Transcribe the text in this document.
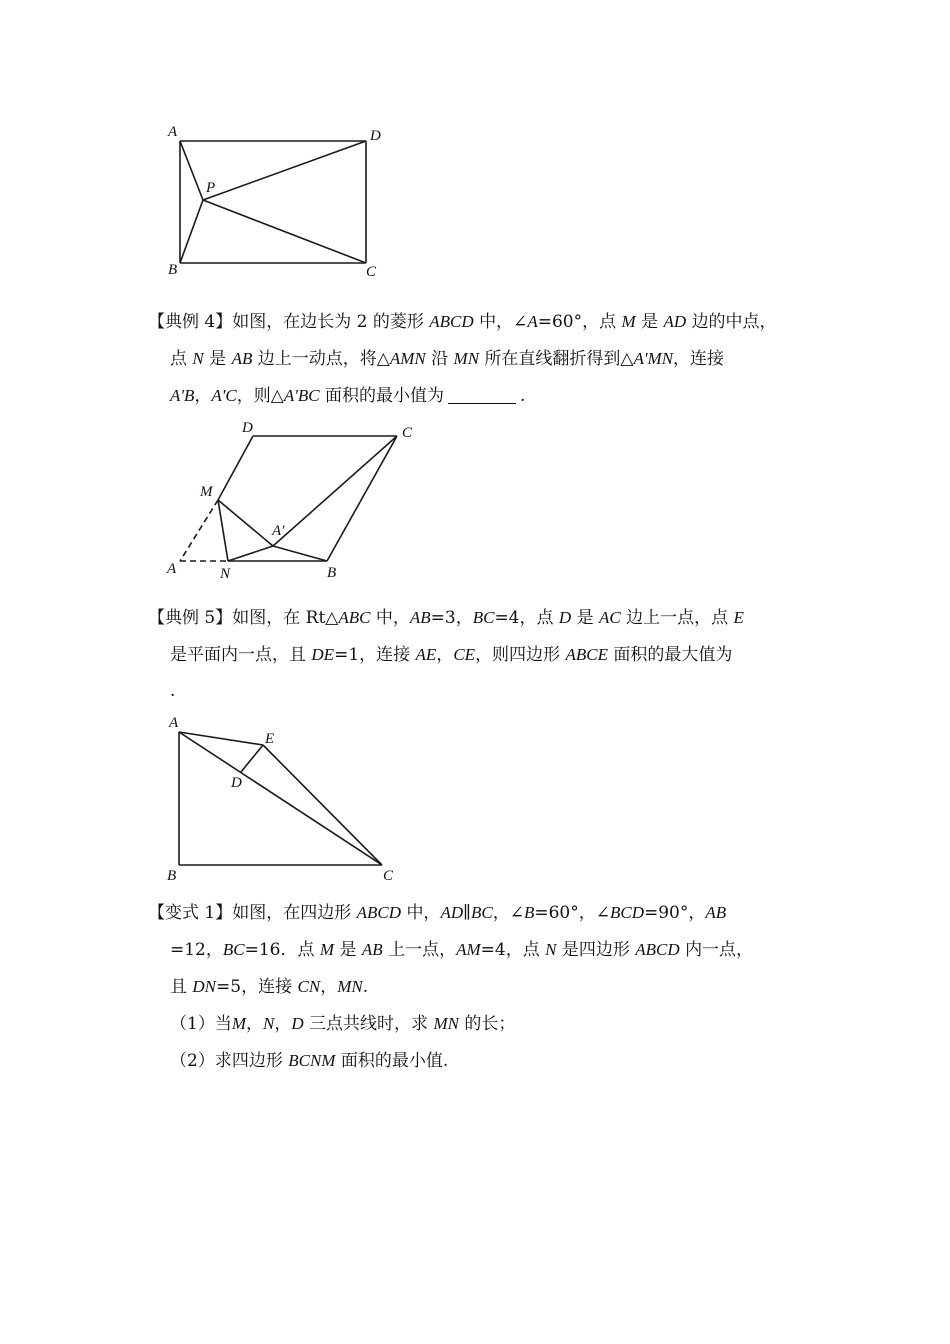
A	D
P
B	C
【典例 4】如图，在边长为 2 的菱形 ABCD 中，∠A=60°，点 M 是 AD 边的中点，
点 N 是 AB 边上一动点，将△AMN 沿 MN 所在直线翻折得到△A'MN，连接
A'B，A'C，则△A'BC 面积的最小值为	.
D	C
M
A′
A	N	B
【典例 5】如图，在 Rt△ABC 中，AB=3，BC=4，点 D 是 AC 边上一点，点 E
是平面内一点，且 DE=1，连接 AE，CE，则四边形 ABCE 面积的最大值为
.
A
E
D
B	C
【变式 1】如图，在四边形 ABCD 中，AD∥BC，∠B=60°，∠BCD=90°，AB
=12，BC=16．点 M 是 AB 上一点，AM=4，点 N 是四边形 ABCD 内一点，
且 DN=5，连接 CN，MN.
（1）当M，N，D 三点共线时，求 MN 的长；
（2）求四边形 BCNM 面积的最小值.
